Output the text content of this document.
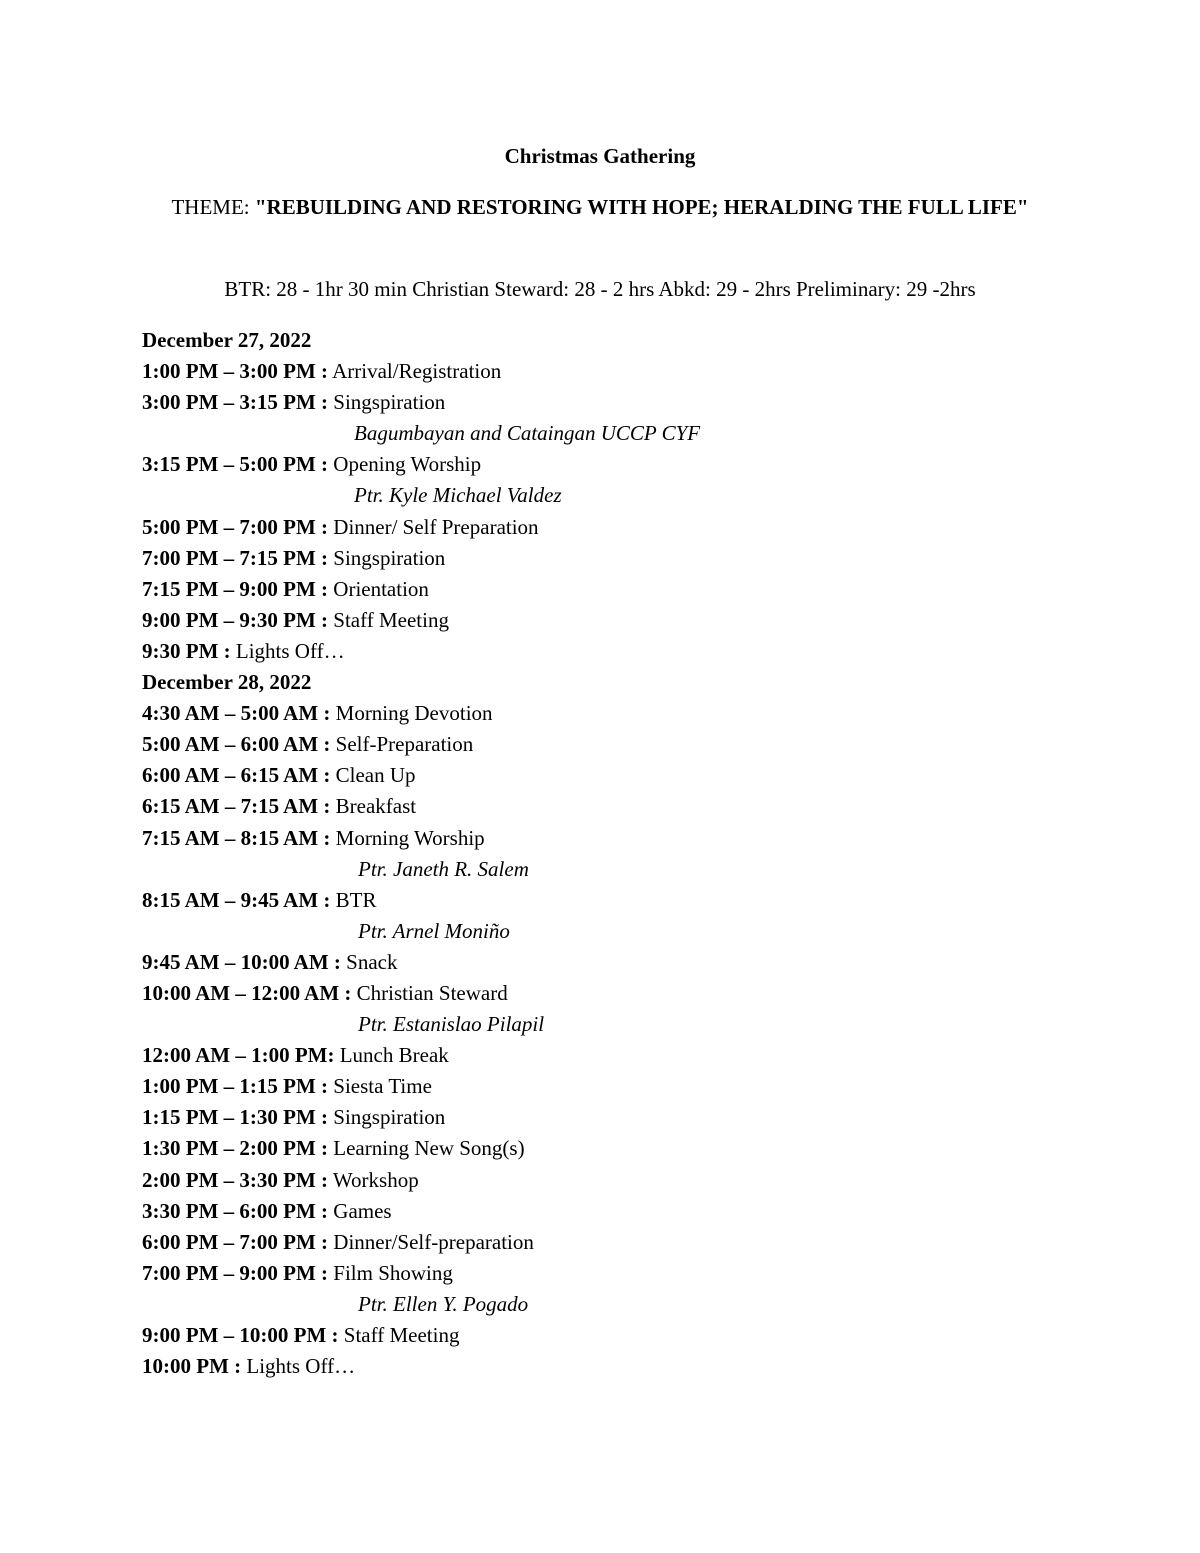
Christmas Gathering
THEME: "REBUILDING AND RESTORING WITH HOPE; HERALDING THE FULL LIFE"
BTR: 28 - 1hr 30 min Christian Steward: 28 - 2 hrs Abkd: 29 - 2hrs Preliminary: 29 -2hrs
December 27, 2022
1:00 PM – 3:00 PM : Arrival/Registration
3:00 PM – 3:15 PM : Singspiration
Bagumbayan and Cataingan UCCP CYF
3:15 PM – 5:00 PM : Opening Worship
Ptr. Kyle Michael Valdez
5:00 PM – 7:00 PM : Dinner/ Self Preparation
7:00 PM – 7:15 PM : Singspiration
7:15 PM – 9:00 PM : Orientation
9:00 PM – 9:30 PM : Staff Meeting
9:30 PM : Lights Off…
December 28, 2022
4:30 AM – 5:00 AM : Morning Devotion
5:00 AM – 6:00 AM : Self-Preparation
6:00 AM – 6:15 AM : Clean Up
6:15 AM – 7:15 AM : Breakfast
7:15 AM – 8:15 AM : Morning Worship
Ptr. Janeth R. Salem
8:15 AM – 9:45 AM : BTR
Ptr. Arnel Moniño
9:45 AM – 10:00 AM : Snack
10:00 AM – 12:00 AM : Christian Steward
Ptr. Estanislao Pilapil
12:00 AM – 1:00 PM: Lunch Break
1:00 PM – 1:15 PM : Siesta Time
1:15 PM – 1:30 PM : Singspiration
1:30 PM – 2:00 PM : Learning New Song(s)
2:00 PM – 3:30 PM : Workshop
3:30 PM – 6:00 PM : Games
6:00 PM – 7:00 PM : Dinner/Self-preparation
7:00 PM – 9:00 PM : Film Showing
Ptr. Ellen Y. Pogado
9:00 PM – 10:00 PM : Staff Meeting
10:00 PM : Lights Off…
